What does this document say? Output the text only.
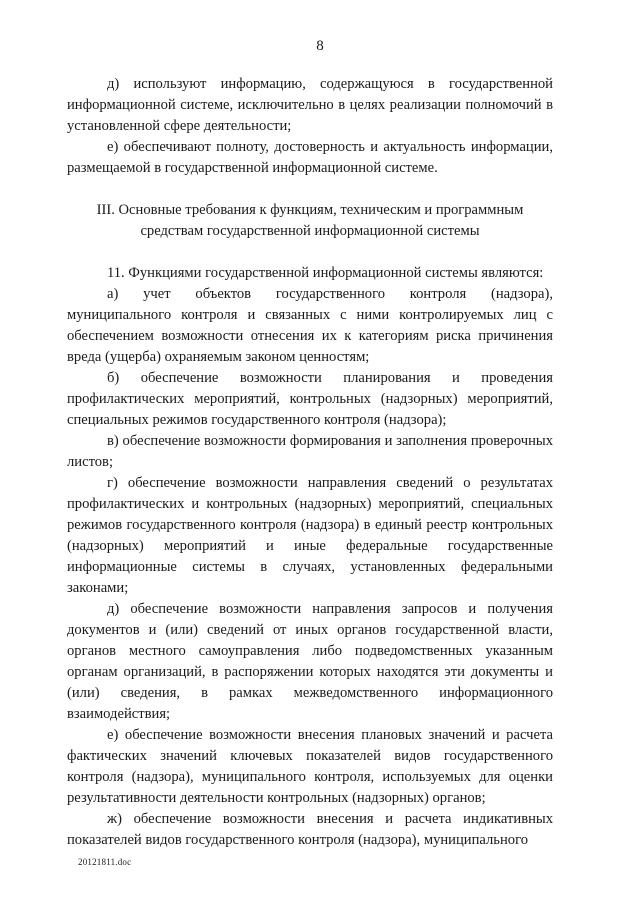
8

д) используют информацию, содержащуюся в государственной информационной системе, исключительно в целях реализации полномочий в установленной сфере деятельности;

е) обеспечивают полноту, достоверность и актуальность информации, размещаемой в государственной информационной системе.

III. Основные требования к функциям, техническим и программным средствам государственной информационной системы

11. Функциями государственной информационной системы являются:

а) учет объектов государственного контроля (надзора), муниципального контроля и связанных с ними контролируемых лиц с обеспечением возможности отнесения их к категориям риска причинения вреда (ущерба) охраняемым законом ценностям;

б) обеспечение возможности планирования и проведения профилактических мероприятий, контрольных (надзорных) мероприятий, специальных режимов государственного контроля (надзора);

в) обеспечение возможности формирования и заполнения проверочных листов;

г) обеспечение возможности направления сведений о результатах профилактических и контрольных (надзорных) мероприятий, специальных режимов государственного контроля (надзора) в единый реестр контрольных (надзорных) мероприятий и иные федеральные государственные информационные системы в случаях, установленных федеральными законами;

д) обеспечение возможности направления запросов и получения документов и (или) сведений от иных органов государственной власти, органов местного самоуправления либо подведомственных указанным органам организаций, в распоряжении которых находятся эти документы и (или) сведения, в рамках межведомственного информационного взаимодействия;

е) обеспечение возможности внесения плановых значений и расчета фактических значений ключевых показателей видов государственного контроля (надзора), муниципального контроля, используемых для оценки результативности деятельности контрольных (надзорных) органов;

ж) обеспечение возможности внесения и расчета индикативных показателей видов государственного контроля (надзора), муниципального

20121811.doc
